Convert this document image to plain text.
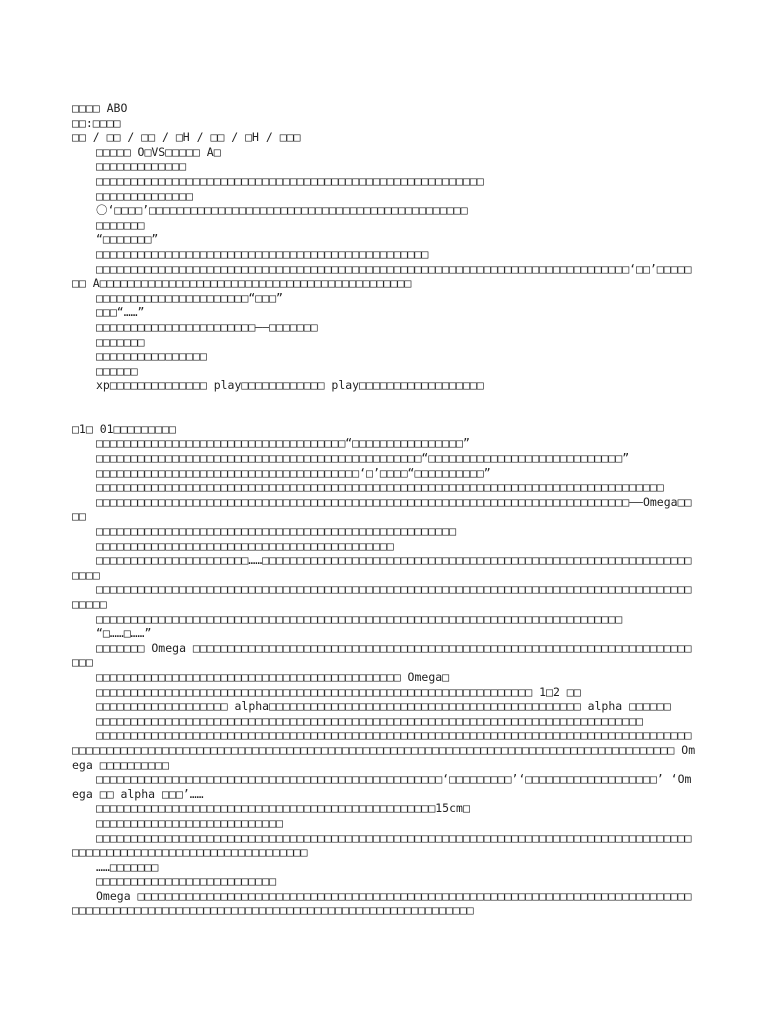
□□□□ ABO

□□:□□□□

□□ / □□ / □□ / □H / □□ / □H / □□□

□□□□□ O□VS□□□□□ A□

□□□□□□□□□□□□□

□□□□□□□□□□□□□□□□□□□□□□□□□□□□□□□□□□□□□□□□□□□□□□□□□□□□□□□□

□□□□□□□□□□□□□□

〇‘□□□□’□□□□□□□□□□□□□□□□□□□□□□□□□□□□□□□□□□□□□□□□□□□□□□

□□□□□□□

“□□□□□□□”

□□□□□□□□□□□□□□□□□□□□□□□□□□□□□□□□□□□□□□□□□□□□□□□□

□□□□□□□□□□□□□□□□□□□□□□□□□□□□□□□□□□□□□□□□□□□□□□□□□□□□□□□□□□□□□□□□□□□□□□□□□□□□□‘□□’□□□□□□□ A□□□□□□□□□□□□□□□□□□□□□□□□□□□□□□□□□□□□□□□□□□□□□

□□□□□□□□□□□□□□□□□□□□□□“□□□”

□□□“……”

□□□□□□□□□□□□□□□□□□□□□□□——□□□□□□□

□□□□□□□

□□□□□□□□□□□□□□□□

□□□□□□

xp□□□□□□□□□□□□□□ play□□□□□□□□□□□□ play□□□□□□□□□□□□□□□□□□

□1□ 01□□□□□□□□□

□□□□□□□□□□□□□□□□□□□□□□□□□□□□□□□□□□□□“□□□□□□□□□□□□□□□□”

□□□□□□□□□□□□□□□□□□□□□□□□□□□□□□□□□□□□□□□□□□□□□□□“□□□□□□□□□□□□□□□□□□□□□□□□□□□□”

□□□□□□□□□□□□□□□□□□□□□□□□□□□□□□□□□□□□□□‘□’□□□□“□□□□□□□□□□”

□□□□□□□□□□□□□□□□□□□□□□□□□□□□□□□□□□□□□□□□□□□□□□□□□□□□□□□□□□□□□□□□□□□□□□□□□□□□□□□□□□

□□□□□□□□□□□□□□□□□□□□□□□□□□□□□□□□□□□□□□□□□□□□□□□□□□□□□□□□□□□□□□□□□□□□□□□□□□□□□——Omega□□□□

□□□□□□□□□□□□□□□□□□□□□□□□□□□□□□□□□□□□□□□□□□□□□□□□□□□□

□□□□□□□□□□□□□□□□□□□□□□□□□□□□□□□□□□□□□□□□□□□

□□□□□□□□□□□□□□□□□□□□□□……□□□□□□□□□□□□□□□□□□□□□□□□□□□□□□□□□□□□□□□□□□□□□□□□□□□□□□□□□□□□□□□□□□

□□□□□□□□□□□□□□□□□□□□□□□□□□□□□□□□□□□□□□□□□□□□□□□□□□□□□□□□□□□□□□□□□□□□□□□□□□□□□□□□□□□□□□□□□□□

□□□□□□□□□□□□□□□□□□□□□□□□□□□□□□□□□□□□□□□□□□□□□□□□□□□□□□□□□□□□□□□□□□□□□□□□□□□□

“□……□……”

□□□□□□□ Omega □□□□□□□□□□□□□□□□□□□□□□□□□□□□□□□□□□□□□□□□□□□□□□□□□□□□□□□□□□□□□□□□□□□□□□□□□□□

□□□□□□□□□□□□□□□□□□□□□□□□□□□□□□□□□□□□□□□□□□□□ Omega□

□□□□□□□□□□□□□□□□□□□□□□□□□□□□□□□□□□□□□□□□□□□□□□□□□□□□□□□□□□□□□□□ 1□2 □□

□□□□□□□□□□□□□□□□□□□ alpha□□□□□□□□□□□□□□□□□□□□□□□□□□□□□□□□□□□□□□□□□□□□□ alpha □□□□□□

□□□□□□□□□□□□□□□□□□□□□□□□□□□□□□□□□□□□□□□□□□□□□□□□□□□□□□□□□□□□□□□□□□□□□□□□□□□□□□□

□□□□□□□□□□□□□□□□□□□□□□□□□□□□□□□□□□□□□□□□□□□□□□□□□□□□□□□□□□□□□□□□□□□□□□□□□□□□□□□□□□□□□□□□□□□□□□□□□□□□□□□□□□□□□□□□□□□□□□□□□□□□□□□□□□□□□□□□□□□□□□□□□□□□□□□□□□□□□□□□□□□□□□□□□□□□□ Omega □□□□□□□□□□

□□□□□□□□□□□□□□□□□□□□□□□□□□□□□□□□□□□□□□□□□□□□□□□□□□‘□□□□□□□□□’‘□□□□□□□□□□□□□□□□□□□’ ‘Omega □□ alpha □□□’……

□□□□□□□□□□□□□□□□□□□□□□□□□□□□□□□□□□□□□□□□□□□□□□□□□15cm□

□□□□□□□□□□□□□□□□□□□□□□□□□□□

□□□□□□□□□□□□□□□□□□□□□□□□□□□□□□□□□□□□□□□□□□□□□□□□□□□□□□□□□□□□□□□□□□□□□□□□□□□□□□□□□□□□□□□□□□□□□□□□□□□□□□□□□□□□□□□□□□□□□□□□

……□□□□□□□

□□□□□□□□□□□□□□□□□□□□□□□□□□

Omega □□□□□□□□□□□□□□□□□□□□□□□□□□□□□□□□□□□□□□□□□□□□□□□□□□□□□□□□□□□□□□□□□□□□□□□□□□□□□□□□□□□□□□□□□□□□□□□□□□□□□□□□□□□□□□□□□□□□□□□□□□□□□□□□□□□□□□□□□□
